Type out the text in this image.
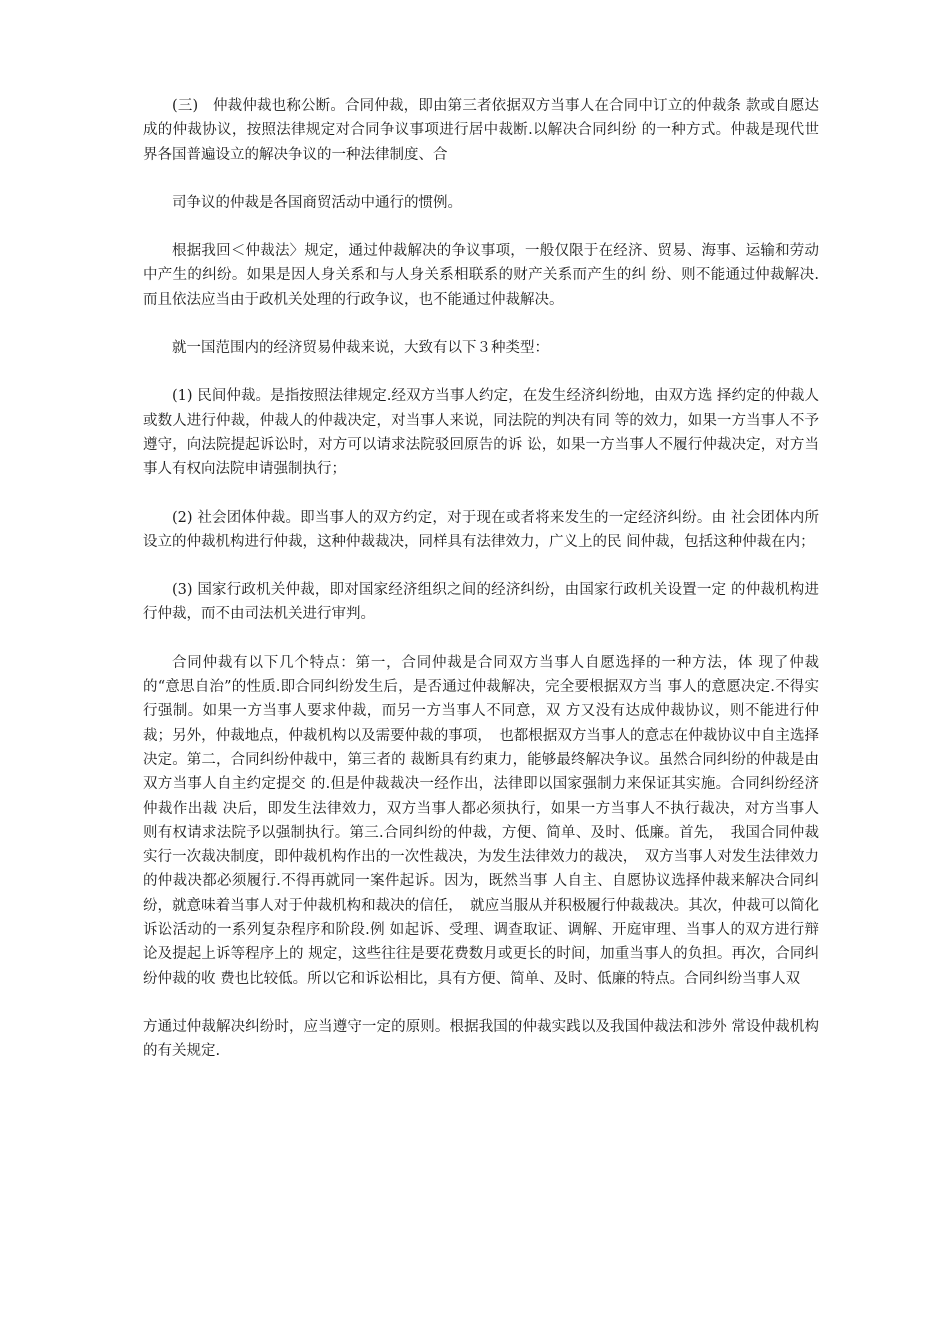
(三)　仲裁仲裁也称公断。合同仲裁，即由第三者依据双方当事人在合同中订立的仲裁条 款或自愿达成的仲裁协议，按照法律规定对合同争议事项进行居中裁断.以解决合同纠纷 的一种方式。仲裁是现代世界各国普遍设立的解决争议的一种法律制度、合

司争议的仲裁是各国商贸活动中通行的惯例。

根据我回＜仲裁法〉规定，通过仲裁解决的争议事项，一般仅限于在经济、贸易、海事、运输和劳动中产生的纠纷。如果是因人身关系和与人身关系相联系的财产关系而产生的纠 纷、则不能通过仲裁解决.而且依法应当由于政机关处理的行政争议，也不能通过仲裁解决。

就一国范围内的经济贸易仲裁来说，大致有以下３种类型：

(1) 民间仲裁。是指按照法律规定.经双方当事人约定，在发生经济纠纷地，由双方选 择约定的仲裁人或数人进行仲裁，仲裁人的仲裁决定，对当事人来说，同法院的判决有同 等的效力，如果一方当事人不予遵守，向法院提起诉讼时，对方可以请求法院驳回原告的诉 讼，如果一方当事人不履行仲裁决定，对方当事人有权向法院申请强制执行；

(2) 社会团体仲裁。即当事人的双方约定，对于现在或者将来发生的一定经济纠纷。由 社会团体内所设立的仲裁机构进行仲裁，这种仲裁裁决，同样具有法律效力，广义上的民 间仲裁，包括这种仲裁在内；

(3) 国家行政机关仲裁，即对国家经济组织之间的经济纠纷，由国家行政机关设置一定 的仲裁机构进行仲裁，而不由司法机关进行审判。

合同仲裁有以下几个特点：第一，合同仲裁是合同双方当事人自愿选择的一种方法，体 现了仲裁的“意思自治”的性质.即合同纠纷发生后，是否通过仲裁解决，完全要根据双方当 事人的意愿决定.不得实行强制。如果一方当事人要求仲裁，而另一方当事人不同意，双 方又没有达成仲裁协议，则不能进行仲裁；另外，仲裁地点，仲裁机构以及需要仲裁的事项，　也都根据双方当事人的意志在仲裁协议中自主选择决定。第二，合同纠纷仲裁中，第三者的 裁断具有约東力，能够最终解决争议。虽然合同纠纷的仲裁是由双方当事人自主约定提交 的.但是仲裁裁决一经作出，法律即以国家强制力来保证其实施。合同纠纷经济仲裁作出裁 决后，即发生法律效力，双方当事人都必须执行，如果一方当事人不执行裁决，对方当事人 则有权请求法院予以强制执行。第三.合同纠纷的仲裁，方便、简单、及时、低廉。首先，　我国合同仲裁实行一次裁决制度，即仲裁机构作出的一次性裁决，为发生法律效力的裁决，　双方当事人对发生法律效力的仲裁决都必须履行.不得再就同一案件起诉。因为，既然当事 人自主、自愿协议选择仲裁来解决合同纠纷，就意味着当事人对于仲裁机构和裁决的信任，　就应当服从并积极履行仲裁裁决。其次，仲裁可以简化诉讼活动的一系列复杂程序和阶段.例 如起诉、受理、调查取证、调解、开庭审理、当事人的双方进行辩论及提起上诉等程序上的 规定，这些往往是要花费数月或更长的时间，加重当事人的负担。再次，合同纠纷仲裁的收 费也比较低。所以它和诉讼相比，具有方便、简单、及时、低廉的特点。合同纠纷当事人双

方通过仲裁解决纠纷时，应当遵守一定的原则。根据我国的仲裁实践以及我国仲裁法和涉外 常设仲裁机构的有关规定.
